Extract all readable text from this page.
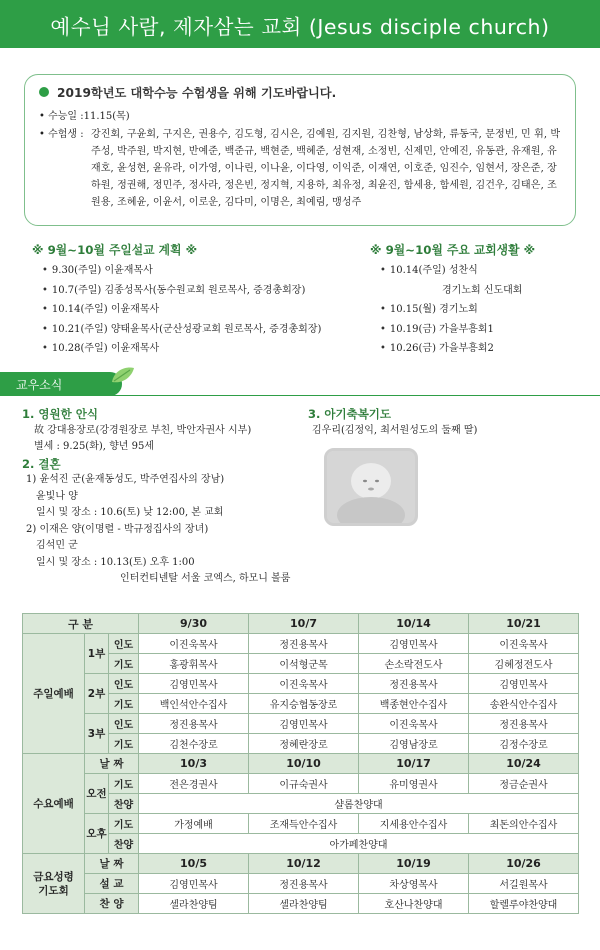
예수님 사람, 제자삼는 교회 (Jesus disciple church)
2019학년도 대학수능 수험생을 위해 기도바랍니다.
• 수능일 : 11.15(목)
• 수험생 : 강진회, 구윤회, 구지은, 권용수, 김도형, 김시은, 김예원, 김지원, 김찬형, 남상화, 류동국, 문정빈, 민 휘, 박주성, 박주원, 박지현, 반예준, 백준규, 백현준, 백혜준, 성현재, 소정빈, 신제민, 안예진, 유동관, 유재원, 유재호, 윤성현, 윤유라, 이가영, 이나린, 이나윤, 이다영, 이익준, 이재연, 이호준, 임진수, 임현서, 장은준, 장하원, 정권해, 정민주, 정사라, 정은빈, 정지혁, 지용하, 최유정, 최윤진, 함세용, 함세원, 김건우, 김태은, 조원용, 조혜윤, 이윤서, 이로운, 김다미, 이명은, 최예림, 맹성주
※ 9월~10월 주일설교 계획 ※
• 9.30(주일) 이윤재목사
• 10.7(주일) 김종성목사(동수원교회 원로목사, 증경총회장)
• 10.14(주일) 이윤재목사
• 10.21(주일) 양태윤목사(군산성광교회 원로목사, 증경총회장)
• 10.28(주일) 이윤재목사
※ 9월~10월 주요 교회생활 ※
• 10.14(주일) 성찬식
경기노회 신도대회
• 10.15(월) 경기노회
• 10.19(금) 가을부흥회1
• 10.26(금) 가을부흥회2
교우소식
1. 영원한 안식
故 강대용장로(강경원장로 부친, 박안자권사 시부)
별세 : 9.25(화), 향년 95세
2. 결혼
1) 윤석진 군(윤재동성도, 박주연집사의 장남)
윤빛나 양
일시 및 장소 : 10.6(토) 낮 12:00, 본 교회
2) 이재은 양(이명렬 - 박규정집사의 장녀)
김석민 군
일시 및 장소 : 10.13(토) 오후 1:00
인터컨티넨탈 서울 코엑스, 하모니 볼룸
3. 아기축복기도
김우리(김정익, 최서원성도의 둘째 딸)
구 분			9/30	10/7	10/14	10/21
주일예배	1부	인도	이진욱목사	정진용목사	김영민목사	이진욱목사
		기도	홍광휘목사	이석형군목	손소락전도사	김혜정전도사
	2부	인도	김영민목사	이진욱목사	정진용목사	김영민목사
		기도	백인석안수집사	유지승협동장로	백종현안수집사	송완식안수집사
	3부	인도	정진용목사	김영민목사	이진욱목사	정진용목사
		기도	김천수장로	정혜란장로	김영남장로	김정수장로
수요예배	날 짜		10/3	10/10	10/17	10/24
	오전	기도	전은경권사	이규숙권사	유미영권사	정금순권사
		찬양	샬롬찬양대			
	오후	기도	가정예배	조재득안수집사	지세용안수집사	최돈의안수집사
		찬양	아가페찬양대			
금요성령
기도회	날 짜		10/5	10/12	10/19	10/26
	설 교		김영민목사	정진용목사	차상영목사	서길원목사
	찬 양		셀라찬양팀	셀라찬양팀	호산나찬양대	할렐루야찬양대
